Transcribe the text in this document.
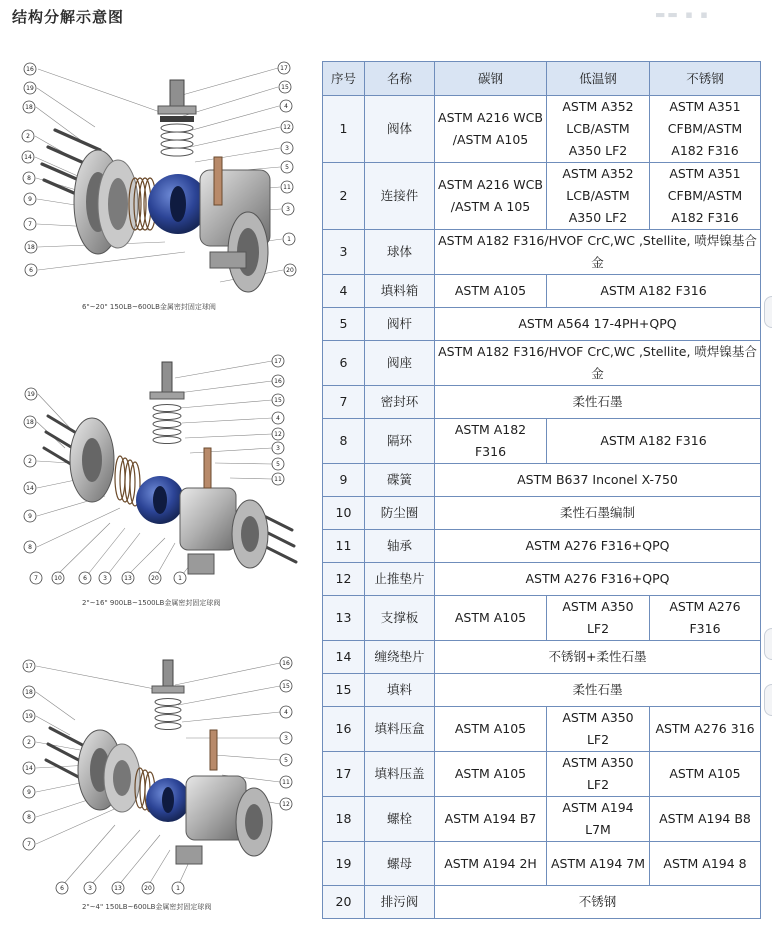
结构分解示意图	▬▬ ▪ ▪
16
19
18
2
14
8
9
7
18
6
17
15
4
12
3
5
11
3
1
20
6"~20" 150LB~600LB金属密封固定球阀
19
18
2
14
9
8
17
16
15
4
12
3
5
11
7	10	6	3	13	20	1
2"~16" 900LB~1500LB金属密封固定球阀
17
18
19
2
14
9
8
7
16
15
4
3
5
11
12
6	3	13	20	1
2"~4" 150LB~600LB金属密封固定球阀
序号	名称	碳钢	低温钢	不锈钢
1	阀体	ASTM A216 WCB /ASTM A105	ASTM A352 LCB/ASTM A350 LF2	ASTM A351 CFBM/ASTM A182 F316
2	连接件	ASTM A216 WCB /ASTM A 105	ASTM A352 LCB/ASTM A350 LF2	ASTM A351 CFBM/ASTM A182 F316
3	球体	ASTM A182 F316/HVOF CrC,WC ,Stellite, 喷焊镍基合金		
4	填料箱	ASTM A105	ASTM A182 F316	
5	阀杆	ASTM A564 17-4PH+QPQ		
6	阀座	ASTM A182 F316/HVOF CrC,WC ,Stellite, 喷焊镍基合金		
7	密封环	柔性石墨		
8	隔环	ASTM A182 F316	ASTM A182 F316	
9	碟簧	ASTM B637 Inconel X-750		
10	防尘圈	柔性石墨编制		
11	轴承	ASTM A276 F316+QPQ		
12	止推垫片	ASTM A276 F316+QPQ		
13	支撑板	ASTM A105	ASTM A350 LF2	ASTM A276 F316
14	缠绕垫片	不锈钢+柔性石墨		
15	填料	柔性石墨		
16	填料压盒	ASTM A105	ASTM A350 LF2	ASTM A276 316
17	填料压盖	ASTM A105	ASTM A350 LF2	ASTM A105
18	螺栓	ASTM A194 B7	ASTM A194 L7M	ASTM A194 B8
19	螺母	ASTM A194 2H	ASTM A194 7M	ASTM A194 8
20	排污阀	不锈钢		
